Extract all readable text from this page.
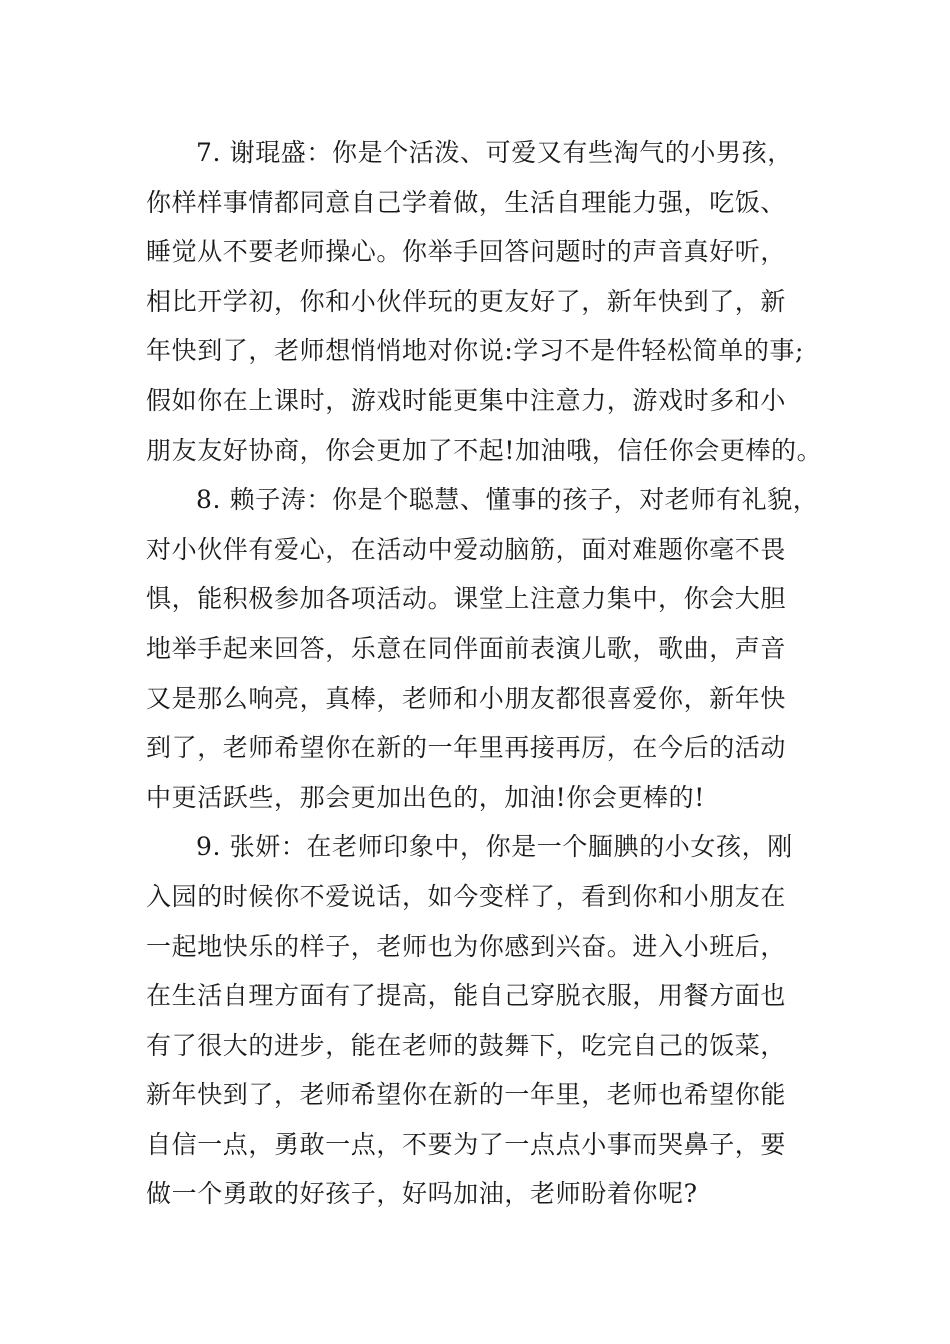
7. 谢琨盛：你是个活泼、可爱又有些淘气的小男孩，
你样样事情都同意自己学着做，生活自理能力强，吃饭、
睡觉从不要老师操心。你举手回答问题时的声音真好听，
相比开学初，你和小伙伴玩的更友好了，新年快到了，新
年快到了，老师想悄悄地对你说:学习不是件轻松简单的事;
假如你在上课时，游戏时能更集中注意力，游戏时多和小
朋友友好协商，你会更加了不起!加油哦，信任你会更棒的。
8. 赖子涛：你是个聪慧、懂事的孩子，对老师有礼貌，
对小伙伴有爱心，在活动中爱动脑筋，面对难题你毫不畏
惧，能积极参加各项活动。课堂上注意力集中，你会大胆
地举手起来回答，乐意在同伴面前表演儿歌，歌曲，声音
又是那么响亮，真棒，老师和小朋友都很喜爱你，新年快
到了，老师希望你在新的一年里再接再厉，在今后的活动
中更活跃些，那会更加出色的，加油!你会更棒的!
9. 张妍：在老师印象中，你是一个腼腆的小女孩，刚
入园的时候你不爱说话，如今变样了，看到你和小朋友在
一起地快乐的样子，老师也为你感到兴奋。进入小班后，
在生活自理方面有了提高，能自己穿脱衣服，用餐方面也
有了很大的进步，能在老师的鼓舞下，吃完自己的饭菜，
新年快到了，老师希望你在新的一年里，老师也希望你能
自信一点，勇敢一点，不要为了一点点小事而哭鼻子，要
做一个勇敢的好孩子，好吗加油，老师盼着你呢?
